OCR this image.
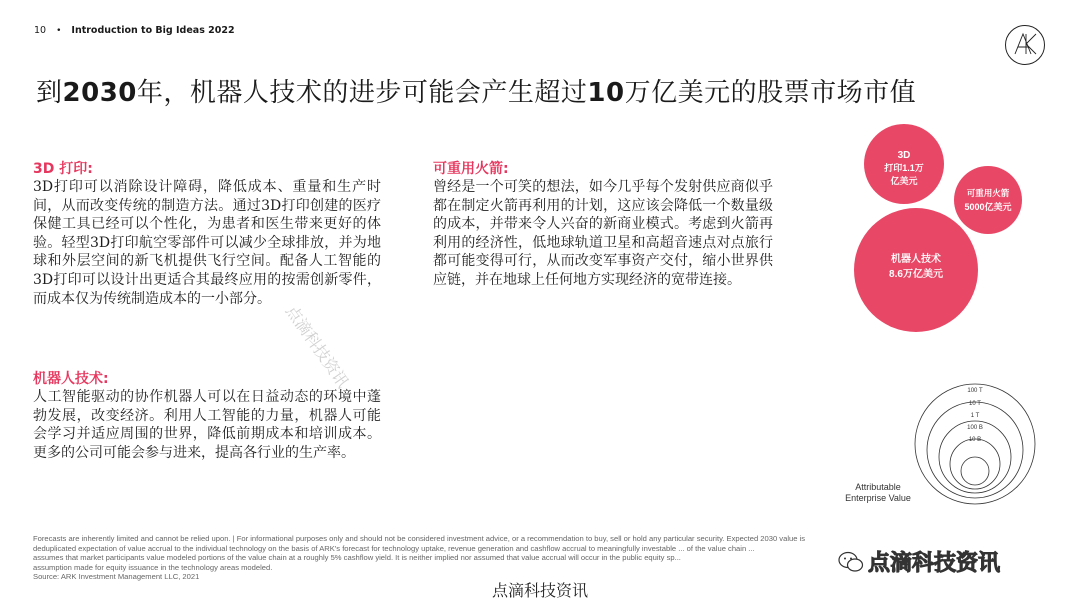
10 • Introduction to Big Ideas 2022
到2030年，机器人技术的进步可能会产生超过10万亿美元的股票市场市值
3D 打印:
3D打印可以消除设计障碍，降低成本、重量和生产时间，从而改变传统的制造方法。通过3D打印创建的医疗保健工具已经可以个性化，为患者和医生带来更好的体验。轻型3D打印航空零部件可以减少全球排放，并为地球和外层空间的新飞机提供飞行空间。配备人工智能的3D打印可以设计出更适合其最终应用的按需创新零件，而成本仅为传统制造成本的一小部分。
可重用火箭:
曾经是一个可笑的想法，如今几乎每个发射供应商似乎都在制定火箭再利用的计划，这应该会降低一个数量级的成本，并带来令人兴奋的新商业模式。考虑到火箭再利用的经济性，低地球轨道卫星和高超音速点对点旅行都可能变得可行，从而改变军事资产交付，缩小世界供应链，并在地球上任何地方实现经济的宽带连接。
机器人技术:
人工智能驱动的协作机器人可以在日益动态的环境中蓬勃发展，改变经济。利用人工智能的力量，机器人可能会学习并适应周围的世界，降低前期成本和培训成本。更多的公司可能会参与进来，提高各行业的生产率。
3D
打印1.1万
亿美元
可重用火箭
5000亿美元
机器人技术
8.6万亿美元
100 T
10 T
1 T
100 B
10 B
Attributable
Enterprise Value
Forecasts are inherently limited and cannot be relied upon. | For informational purposes only and should not be considered investment advice, or a recommendation to buy, sell or hold any particular security. Expected 2030 value is
deduplicated expectation of value accrual to the individual technology on the basis of ARK's forecast for technology uptake, revenue generation and cashflow accrual to meaningfully investable ... of the value chain ...
assumes that market participants value modeled portions of the value chain at a roughly 5% cashflow yield. It is neither implied nor assumed that value accrual will occur in the public equity sp...
assumption made for equity issuance in the technology areas modeled.
Source: ARK Investment Management LLC, 2021
点滴科技资讯
点滴科技资讯
点滴科技资讯
